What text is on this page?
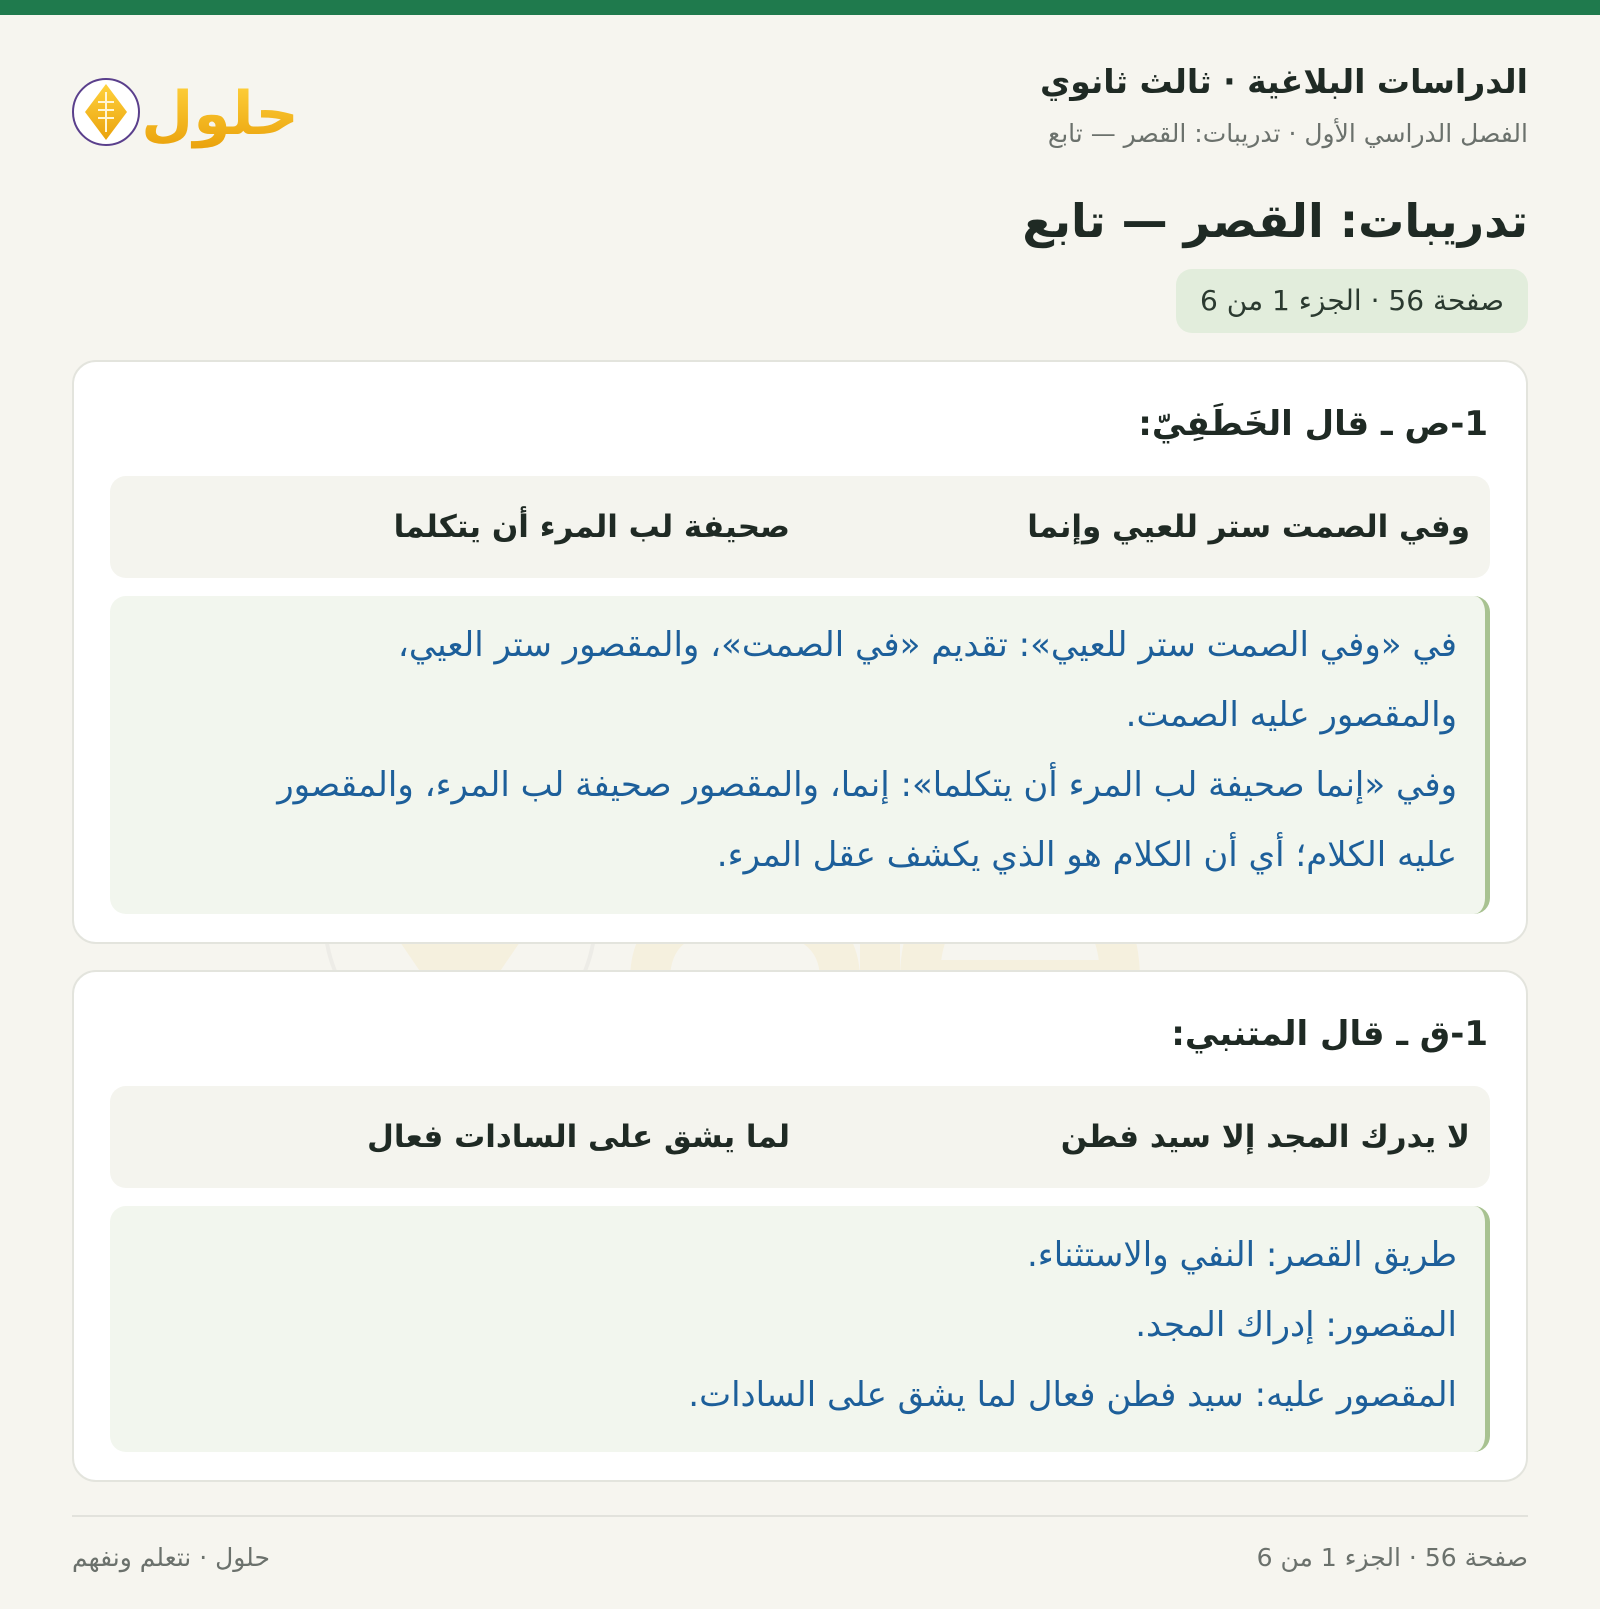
الدراسات البلاغية · ثالث ثانوي
الفصل الدراسي الأول · تدريبات: القصر — تابع
حلول
تدريبات: القصر — تابع
صفحة 56 · الجزء 1 من 6
1-ص ـ قال الخَطَفِيّ:
وفي الصمت ستر للعيي وإنما
صحيفة لب المرء أن يتكلما
في «وفي الصمت ستر للعيي»: تقديم «في الصمت»، والمقصور ستر العيي،
والمقصور عليه الصمت.
وفي «إنما صحيفة لب المرء أن يتكلما»: إنما، والمقصور صحيفة لب المرء، والمقصور
عليه الكلام؛ أي أن الكلام هو الذي يكشف عقل المرء.
1-ق ـ قال المتنبي:
لا يدرك المجد إلا سيد فطن
لما يشق على السادات فعال
طريق القصر: النفي والاستثناء.
المقصور: إدراك المجد.
المقصور عليه: سيد فطن فعال لما يشق على السادات.
صفحة 56 · الجزء 1 من 6
حلول · نتعلم ونفهم
